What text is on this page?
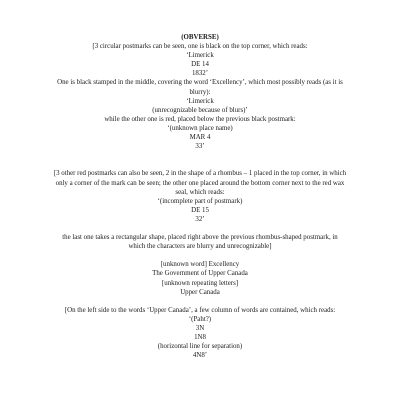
(OBVERSE)

[3 circular postmarks can be seen, one is black on the top corner, which reads:

‘Limerick

DE 14

1832’

One is black stamped in the middle, covering the word ‘Excellency’, which most possibly reads (as it is

blurry):

‘Limerick

(unrecognizable because of blurs)’

while the other one is red, placed below the previous black postmark:

‘(unknown place name)

MAR 4

33’

[3 other red postmarks can also be seen, 2 in the shape of a rhombus – 1 placed in the top corner, in which

only a corner of the mark can be seen; the other one placed around the bottom corner next to the red wax

seal, which reads:

‘(incomplete part of postmark)

DE 15

32’

the last one takes a rectangular shape, placed right above the previous rhombus-shaped postmark, in

which the characters are blurry and unrecognizable]

[unknown word] Excellency

The Government of Upper Canada

[unknown repeating letters]

Upper Canada

[On the left side to the words ‘Upper Canada’, a few column of words are contained, which reads:

‘(Paht?)

3N

1N8

(horizontal line for separation)

4N8’
